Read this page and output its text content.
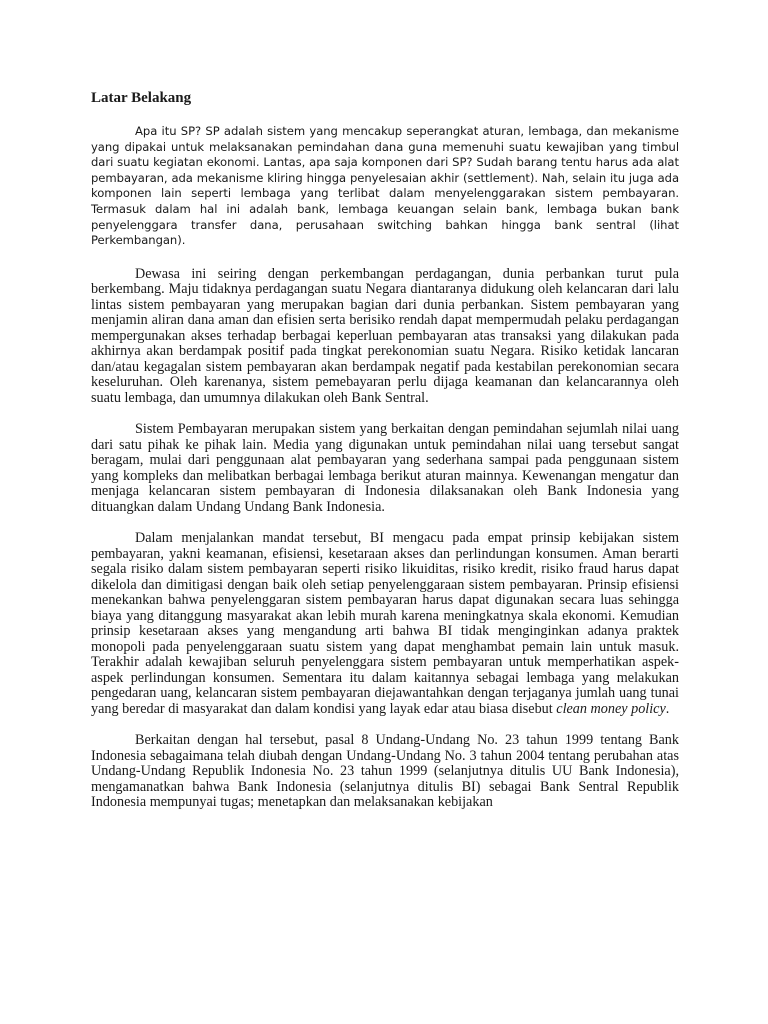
Latar Belakang

Apa itu SP? SP adalah sistem yang mencakup seperangkat aturan, lembaga, dan mekanisme yang dipakai untuk melaksanakan pemindahan dana guna memenuhi suatu kewajiban yang timbul dari suatu kegiatan ekonomi. Lantas, apa saja komponen dari SP? Sudah barang tentu harus ada alat pembayaran, ada mekanisme kliring hingga penyelesaian akhir (settlement). Nah, selain itu juga ada komponen lain seperti lembaga yang terlibat dalam menyelenggarakan sistem pembayaran. Termasuk dalam hal ini adalah bank, lembaga keuangan selain bank, lembaga bukan bank penyelenggara transfer dana, perusahaan switching bahkan hingga bank sentral (lihat Perkembangan).

Dewasa ini seiring dengan perkembangan perdagangan, dunia perbankan turut pula berkembang. Maju tidaknya perdagangan suatu Negara diantaranya didukung oleh kelancaran dari lalu lintas sistem pembayaran yang merupakan bagian dari dunia perbankan. Sistem pembayaran yang menjamin aliran dana aman dan efisien serta berisiko rendah dapat mempermudah pelaku perdagangan mempergunakan akses terhadap berbagai keperluan pembayaran atas transaksi yang dilakukan pada akhirnya akan berdampak positif pada tingkat perekonomian suatu Negara. Risiko ketidak lancaran dan/atau kegagalan sistem pembayaran akan berdampak negatif pada kestabilan perekonomian secara keseluruhan. Oleh karenanya, sistem pemebayaran perlu dijaga keamanan dan kelancarannya oleh suatu lembaga, dan umumnya dilakukan oleh Bank Sentral.

Sistem Pembayaran merupakan sistem yang berkaitan dengan pemindahan sejumlah nilai uang dari satu pihak ke pihak lain. Media yang digunakan untuk pemindahan nilai uang tersebut sangat beragam, mulai dari penggunaan alat pembayaran yang sederhana sampai pada penggunaan sistem yang kompleks dan melibatkan berbagai lembaga berikut aturan mainnya. Kewenangan mengatur dan menjaga kelancaran sistem pembayaran di Indonesia dilaksanakan oleh Bank Indonesia yang dituangkan dalam Undang Undang Bank Indonesia.

Dalam menjalankan mandat tersebut, BI mengacu pada empat prinsip kebijakan sistem pembayaran, yakni keamanan, efisiensi, kesetaraan akses dan perlindungan konsumen. Aman berarti segala risiko dalam sistem pembayaran seperti risiko likuiditas, risiko kredit, risiko fraud harus dapat dikelola dan dimitigasi dengan baik oleh setiap penyelenggaraan sistem pembayaran. Prinsip efisiensi menekankan bahwa penyelenggaran sistem pembayaran harus dapat digunakan secara luas sehingga biaya yang ditanggung masyarakat akan lebih murah karena meningkatnya skala ekonomi. Kemudian prinsip kesetaraan akses yang mengandung arti bahwa BI tidak menginginkan adanya praktek monopoli pada penyelenggaraan suatu sistem yang dapat menghambat pemain lain untuk masuk. Terakhir adalah kewajiban seluruh penyelenggara sistem pembayaran untuk memperhatikan aspek-aspek perlindungan konsumen. Sementara itu dalam kaitannya sebagai lembaga yang melakukan pengedaran uang, kelancaran sistem pembayaran diejawantahkan dengan terjaganya jumlah uang tunai yang beredar di masyarakat dan dalam kondisi yang layak edar atau biasa disebut clean money policy.

Berkaitan dengan hal tersebut, pasal 8 Undang-Undang No. 23 tahun 1999 tentang Bank Indonesia sebagaimana telah diubah dengan Undang-Undang No. 3 tahun 2004 tentang perubahan atas Undang-Undang Republik Indonesia No. 23 tahun 1999 (selanjutnya ditulis UU Bank Indonesia), mengamanatkan bahwa Bank Indonesia (selanjutnya ditulis BI) sebagai Bank Sentral Republik Indonesia mempunyai tugas; menetapkan dan melaksanakan kebijakan
